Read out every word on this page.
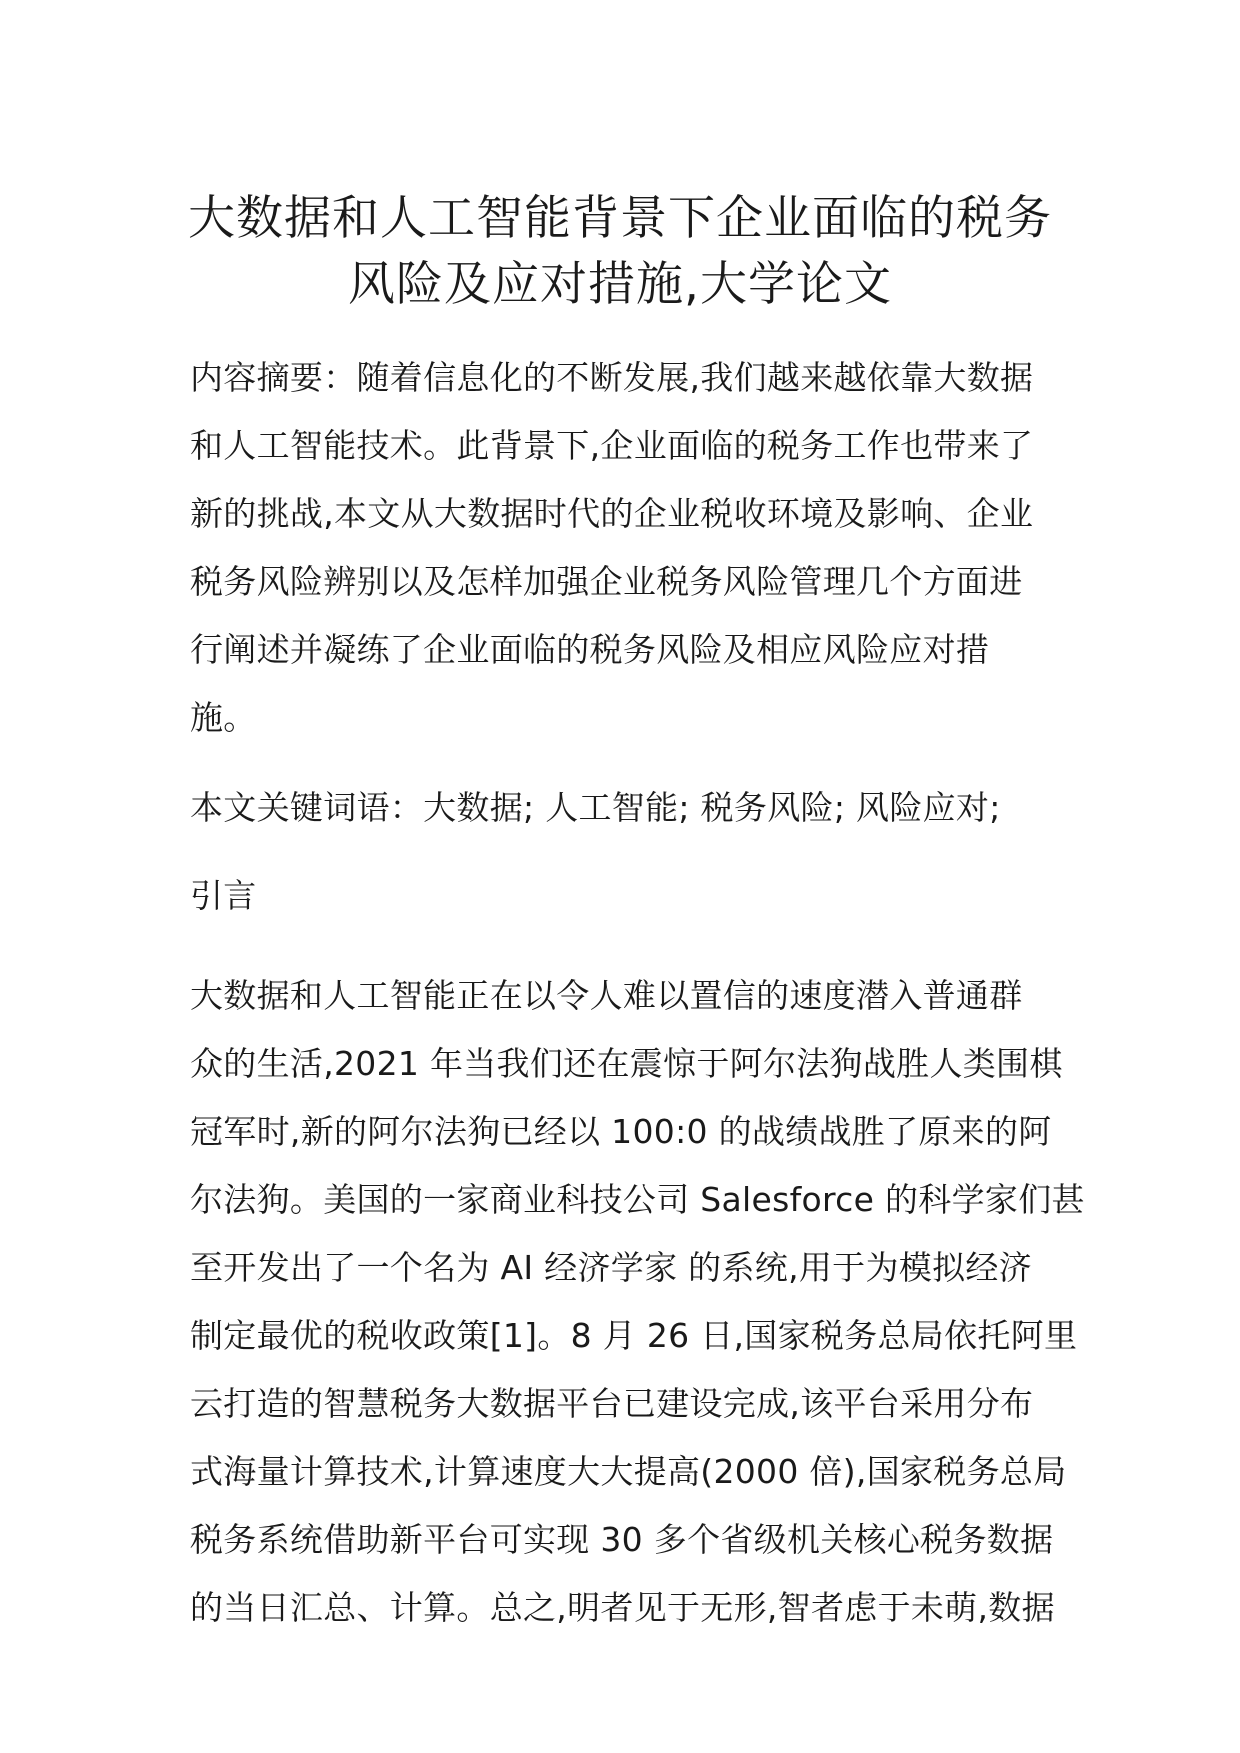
大数据和人工智能背景下企业面临的税务
风险及应对措施,大学论文

内容摘要：随着信息化的不断发展,我们越来越依靠大数据
和人工智能技术。此背景下,企业面临的税务工作也带来了
新的挑战,本文从大数据时代的企业税收环境及影响、企业
税务风险辨别以及怎样加强企业税务风险管理几个方面进
行阐述并凝练了企业面临的税务风险及相应风险应对措
施。

本文关键词语：大数据; 人工智能; 税务风险; 风险应对;

引言

大数据和人工智能正在以令人难以置信的速度潜入普通群
众的生活,2021 年当我们还在震惊于阿尔法狗战胜人类围棋
冠军时,新的阿尔法狗已经以 100:0 的战绩战胜了原来的阿
尔法狗。美国的一家商业科技公司 Salesforce 的科学家们甚
至开发出了一个名为 AI 经济学家 的系统,用于为模拟经济
制定最优的税收政策[1]。8 月 26 日,国家税务总局依托阿里
云打造的智慧税务大数据平台已建设完成,该平台采用分布
式海量计算技术,计算速度大大提高(2000 倍),国家税务总局
税务系统借助新平台可实现 30 多个省级机关核心税务数据
的当日汇总、计算。总之,明者见于无形,智者虑于未萌,数据
